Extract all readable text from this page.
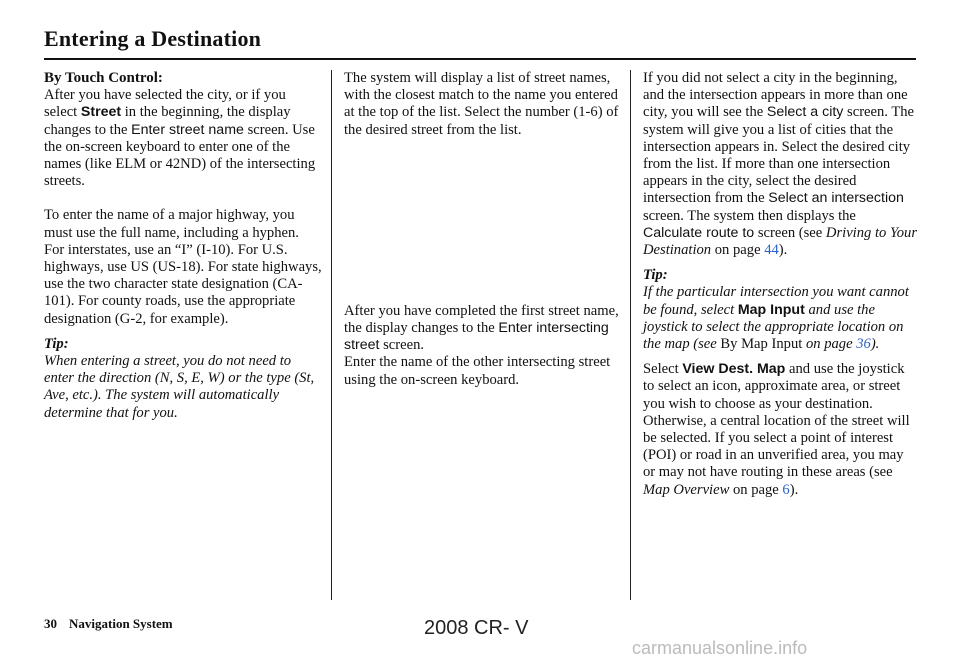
Entering a Destination

By Touch Control:

After you have selected the city, or if you select Street in the beginning, the display changes to the Enter street name screen. Use the on-screen keyboard to enter one of the names (like ELM or 42ND) of the intersecting streets.

To enter the name of a major highway, you must use the full name, including a hyphen. For interstates, use an “I” (I-10). For U.S. highways, use US (US-18). For state highways, use the two character state designation (CA-101). For county roads, use the appropriate designation (G-2, for example).

Tip:

When entering a street, you do not need to enter the direction (N, S, E, W) or the type (St, Ave, etc.). The system will automatically determine that for you.

The system will display a list of street names, with the closest match to the name you entered at the top of the list. Select the number (1-6) of the desired street from the list.

After you have completed the first street name, the display changes to the Enter intersecting street screen.

Enter the name of the other intersecting street using the on-screen keyboard.

If you did not select a city in the beginning, and the intersection appears in more than one city, you will see the Select a city screen. The system will give you a list of cities that the intersection appears in. Select the desired city from the list. If more than one intersection appears in the city, select the desired intersection from the Select an intersection screen. The system then displays the Calculate route to screen (see Driving to Your Destination on page 44).

Tip:

If the particular intersection you want cannot be found, select Map Input and use the joystick to select the appropriate location on the map (see By Map Input on page 36).

Select View Dest. Map and use the joystick to select an icon, approximate area, or street you wish to choose as your destination. Otherwise, a central location of the street will be selected. If you select a point of interest (POI) or road in an unverified area, you may or may not have routing in these areas (see Map Overview on page 6).

30 Navigation System	2008 CR- V
carmanualsonline.info
